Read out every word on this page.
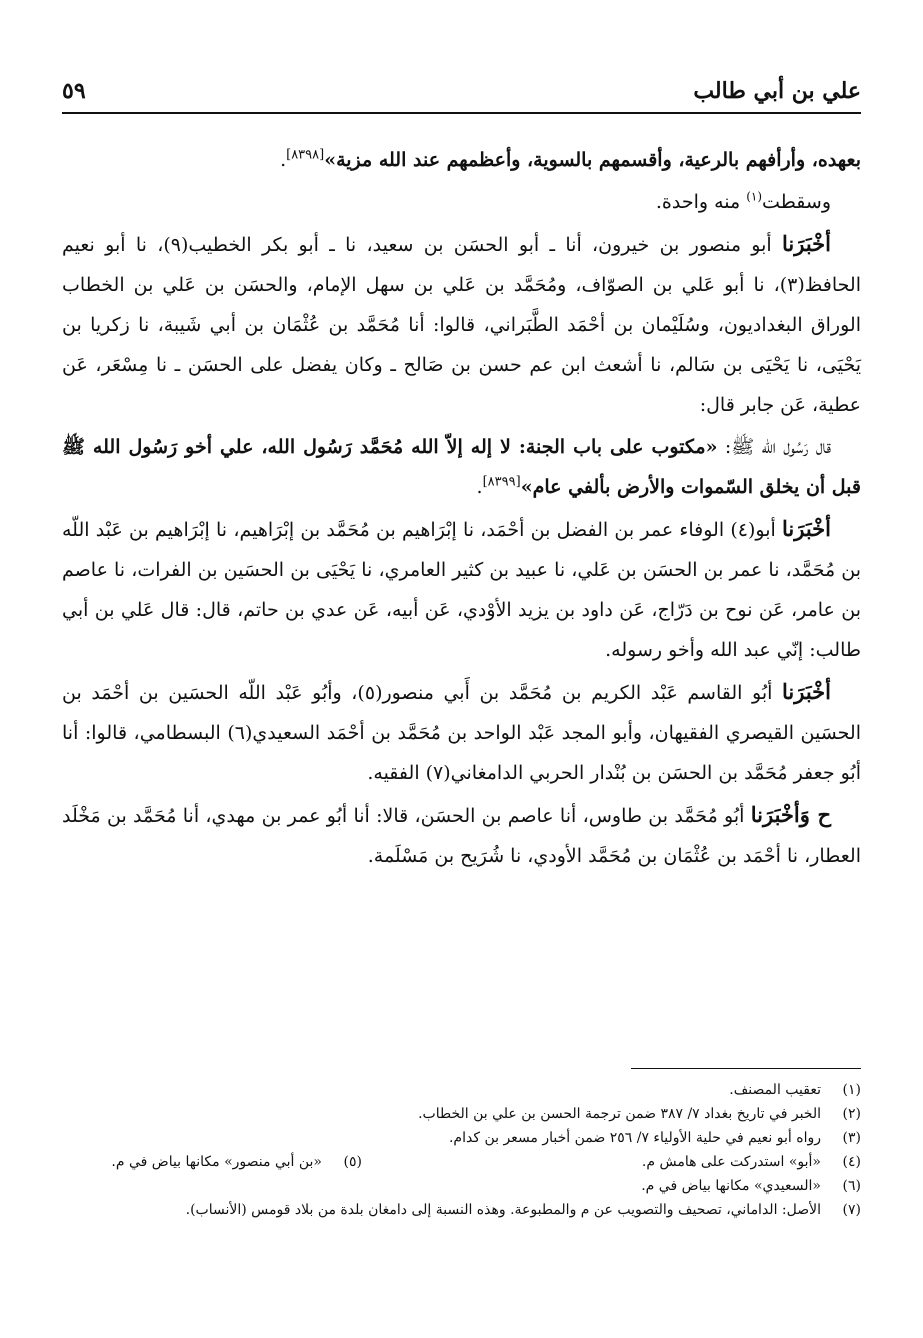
علي بن أبي طالب
٥٩

بعهده، وأرأفهم بالرعية، وأقسمهم بالسوية، وأعظمهم عند الله مزية»[٨٣٩٨].

وسقطت$^{(١)}$ منه واحدة.

أخْبَرَنا أبو منصور بن خيرون، أنا ـ أبو الحسَن بن سعيد، نا ـ أبو بكر الخطيب(٩)، نا أبو نعيم الحافظ(٣)، نا أبو عَلي بن الصوّاف، ومُحَمَّد بن عَلي بن سهل الإمام، والحسَن بن عَلي بن الخطاب الوراق البغداديون، وسُلَيْمان بن أحْمَد الطَّبَراني، قالوا: أنا مُحَمَّد بن عُثْمَان بن أبي شَيبة، نا زكريا بن يَحْيَى، نا يَحْيَى بن سَالم، نا أشعث ابن عم حسن بن صَالح ـ وكان يفضل على الحسَن ـ نا مِسْعَر، عَن عطية، عَن جابر قال:

قال رَسُول الله ﷺ: «مكتوب على باب الجنة: لا إله إلاّ الله مُحَمَّد رَسُول الله، علي أخو رَسُول الله ﷺ قبل أن يخلق السّموات والأرض بألفي عام»[٨٣٩٩].

أخْبَرَنا أبو(٤) الوفاء عمر بن الفضل بن أحْمَد، نا إبْرَاهيم بن مُحَمَّد بن إبْرَاهيم، نا إبْرَاهيم بن عَبْد اللّه بن مُحَمَّد، نا عمر بن الحسَن بن عَلي، نا عبيد بن كثير العامري، نا يَحْيَى بن الحسَين بن الفرات، نا عاصم بن عامر، عَن نوح بن دَرّاج، عَن داود بن يزيد الأوْدي، عَن أبيه، عَن عدي بن حاتم، قال: قال عَلي بن أبي طالب: إنّي عبد الله وأخو رسوله.

أخْبَرَنا أبُو القاسم عَبْد الكريم بن مُحَمَّد بن أَبي منصور(٥)، وأبُو عَبْد اللّه الحسَين بن أحْمَد بن الحسَين القيصري الفقيهان، وأبو المجد عَبْد الواحد بن مُحَمَّد بن أحْمَد السعيدي(٦) البسطامي، قالوا: أنا أبُو جعفر مُحَمَّد بن الحسَن بن بُنْدار الحربي الدامغاني(٧) الفقيه.

ح وَأخْبَرَنا أبُو مُحَمَّد بن طاوس، أنا عاصم بن الحسَن، قالا: أنا أبُو عمر بن مهدي، أنا مُحَمَّد بن مَخْلَد العطار، نا أحْمَد بن عُثْمَان بن مُحَمَّد الأودي، نا شُرَيح بن مَسْلَمة.

(١)
تعقيب المصنف.
(٢)
الخبر في تاريخ بغداد ٧/ ٣٨٧ ضمن ترجمة الحسن بن علي بن الخطاب.
(٣)
رواه أبو نعيم في حلية الأولياء ٧/ ٢٥٦ ضمن أخبار مسعر بن كدام.
(٤)
«أبو» استدركت على هامش م.
(٥)
«بن أبي منصور» مكانها بياض في م.
(٦)
«السعيدي» مكانها بياض في م.
(٧)
الأصل: الداماني، تصحيف والتصويب عن م والمطبوعة. وهذه النسبة إلى دامغان بلدة من بلاد قومس (الأنساب).
